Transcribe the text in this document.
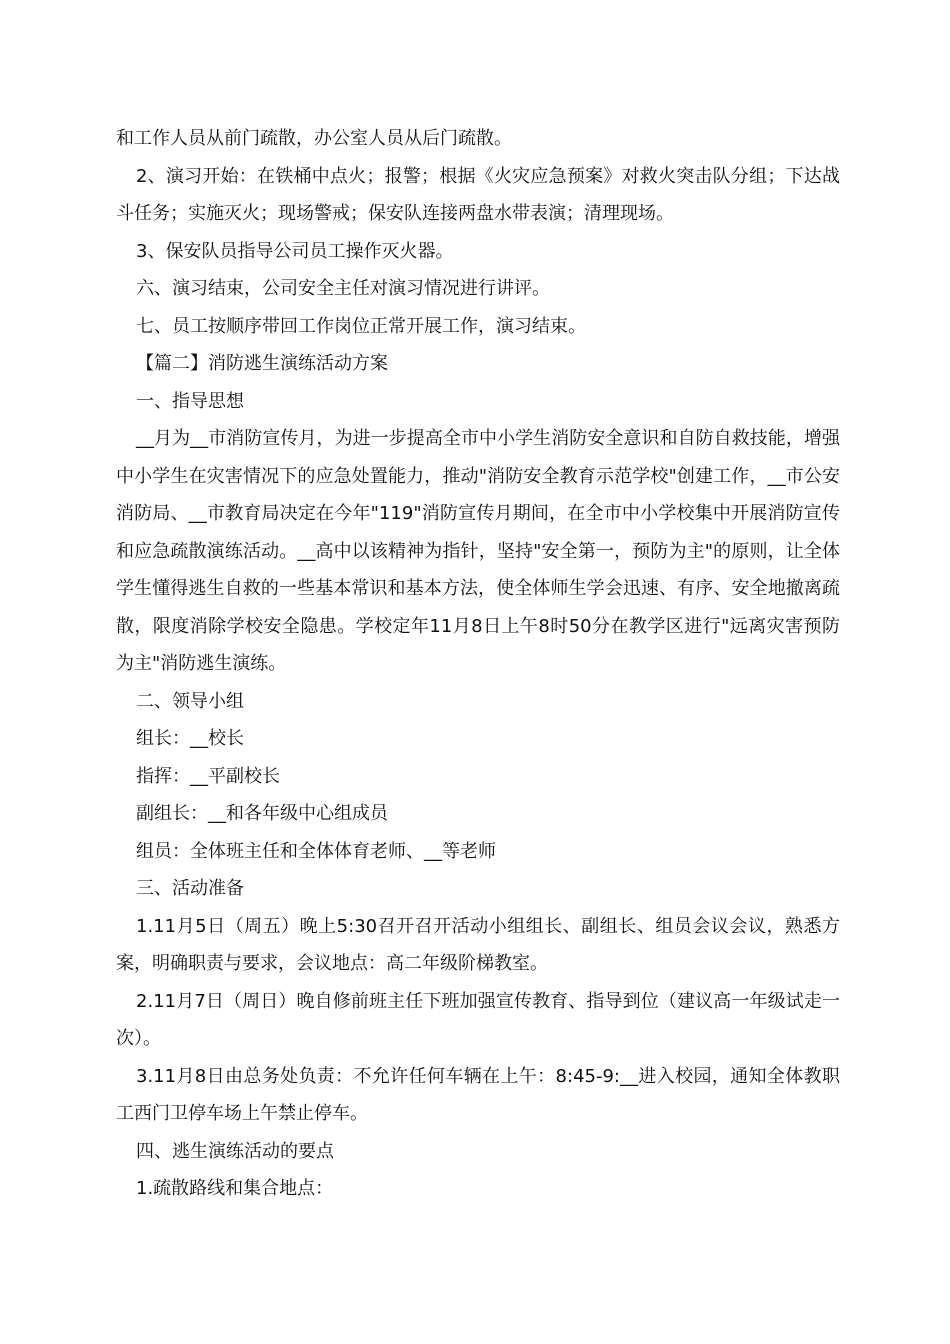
和工作人员从前门疏散，办公室人员从后门疏散。

2、演习开始：在铁桶中点火；报警；根据《火灾应急预案》对救火突击队分组；下达战斗任务；实施灭火；现场警戒；保安队连接两盘水带表演；清理现场。

3、保安队员指导公司员工操作灭火器。

六、演习结束，公司安全主任对演习情况进行讲评。

七、员工按顺序带回工作岗位正常开展工作，演习结束。

【篇二】消防逃生演练活动方案

一、指导思想

__月为__市消防宣传月，为进一步提高全市中小学生消防安全意识和自防自救技能，增强中小学生在灾害情况下的应急处置能力，推动"消防安全教育示范学校"创建工作，__市公安消防局、__市教育局决定在今年"119"消防宣传月期间，在全市中小学校集中开展消防宣传和应急疏散演练活动。__高中以该精神为指针，坚持"安全第一，预防为主"的原则，让全体学生懂得逃生自救的一些基本常识和基本方法，使全体师生学会迅速、有序、安全地撤离疏散，限度消除学校安全隐患。学校定年11月8日上午8时50分在教学区进行"远离灾害预防为主"消防逃生演练。

二、领导小组

组长：__校长

指挥：__平副校长

副组长：__和各年级中心组成员

组员：全体班主任和全体体育老师、__等老师

三、活动准备

1.11月5日（周五）晚上5:30召开召开活动小组组长、副组长、组员会议会议，熟悉方案，明确职责与要求，会议地点：高二年级阶梯教室。

2.11月7日（周日）晚自修前班主任下班加强宣传教育、指导到位（建议高一年级试走一次）。

3.11月8日由总务处负责：不允许任何车辆在上午：8:45-9:__进入校园，通知全体教职工西门卫停车场上午禁止停车。

四、逃生演练活动的要点

1.疏散路线和集合地点：
